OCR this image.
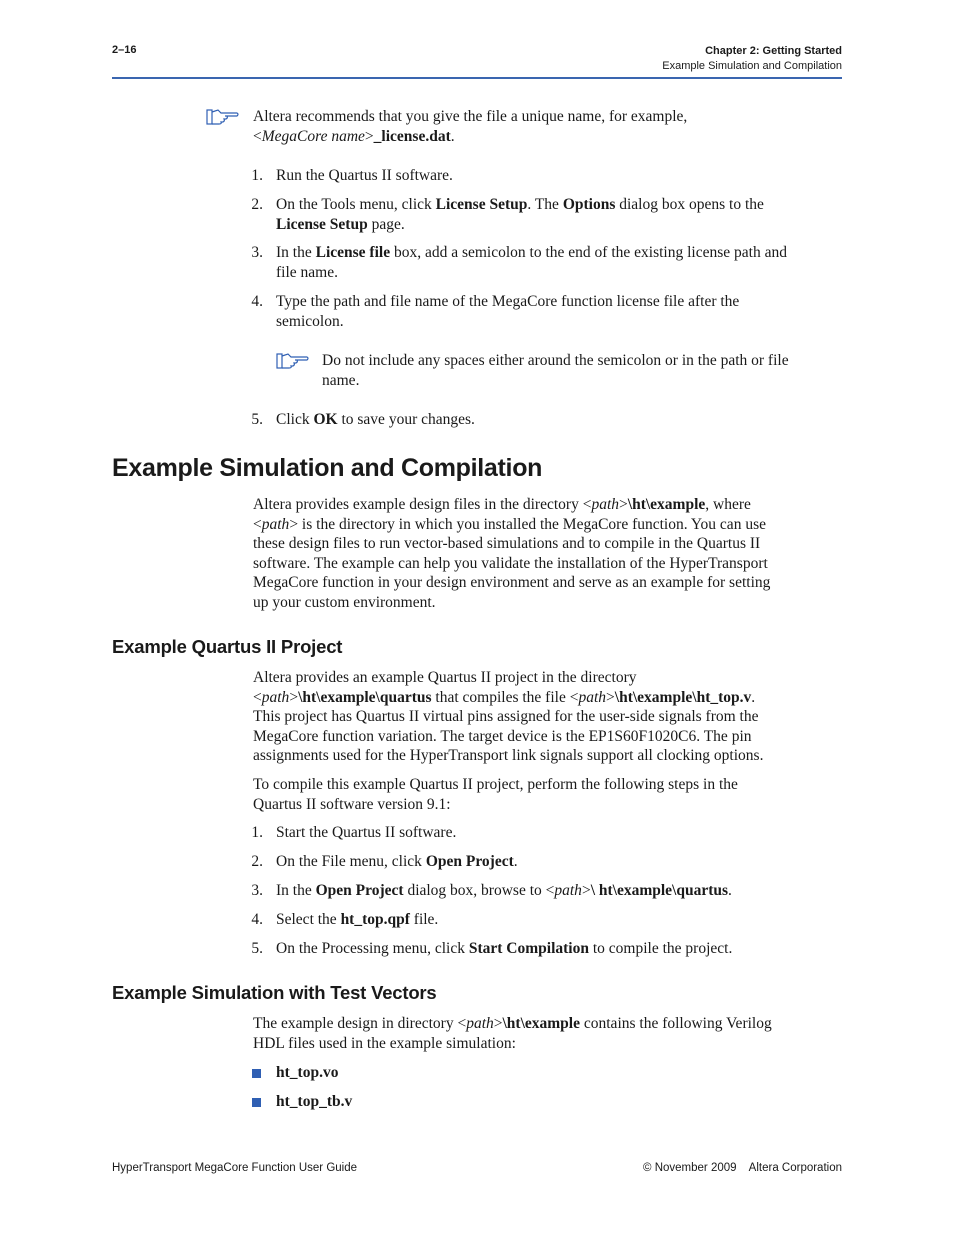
2–16	Chapter 2: Getting Started
Example Simulation and Compilation
Altera recommends that you give the file a unique name, for example,
<MegaCore name>_license.dat.
1. Run the Quartus II software.
2. On the Tools menu, click License Setup. The Options dialog box opens to the
License Setup page.
3. In the License file box, add a semicolon to the end of the existing license path and
file name.
4. Type the path and file name of the MegaCore function license file after the
semicolon.
Do not include any spaces either around the semicolon or in the path or file
name.
5. Click OK to save your changes.
Example Simulation and Compilation
Altera provides example design files in the directory <path>\ht\example, where
<path> is the directory in which you installed the MegaCore function. You can use
these design files to run vector-based simulations and to compile in the Quartus II
software. The example can help you validate the installation of the HyperTransport
MegaCore function in your design environment and serve as an example for setting
up your custom environment.
Example Quartus II Project
Altera provides an example Quartus II project in the directory
<path>\ht\example\quartus that compiles the file <path>\ht\example\ht_top.v.
This project has Quartus II virtual pins assigned for the user-side signals from the
MegaCore function variation. The target device is the EP1S60F1020C6. The pin
assignments used for the HyperTransport link signals support all clocking options.
To compile this example Quartus II project, perform the following steps in the
Quartus II software version 9.1:
1. Start the Quartus II software.
2. On the File menu, click Open Project.
3. In the Open Project dialog box, browse to <path>\ ht\example\quartus.
4. Select the ht_top.qpf file.
5. On the Processing menu, click Start Compilation to compile the project.
Example Simulation with Test Vectors
The example design in directory <path>\ht\example contains the following Verilog
HDL files used in the example simulation:
ht_top.vo
ht_top_tb.v
HyperTransport MegaCore Function User Guide	© November 2009    Altera Corporation
